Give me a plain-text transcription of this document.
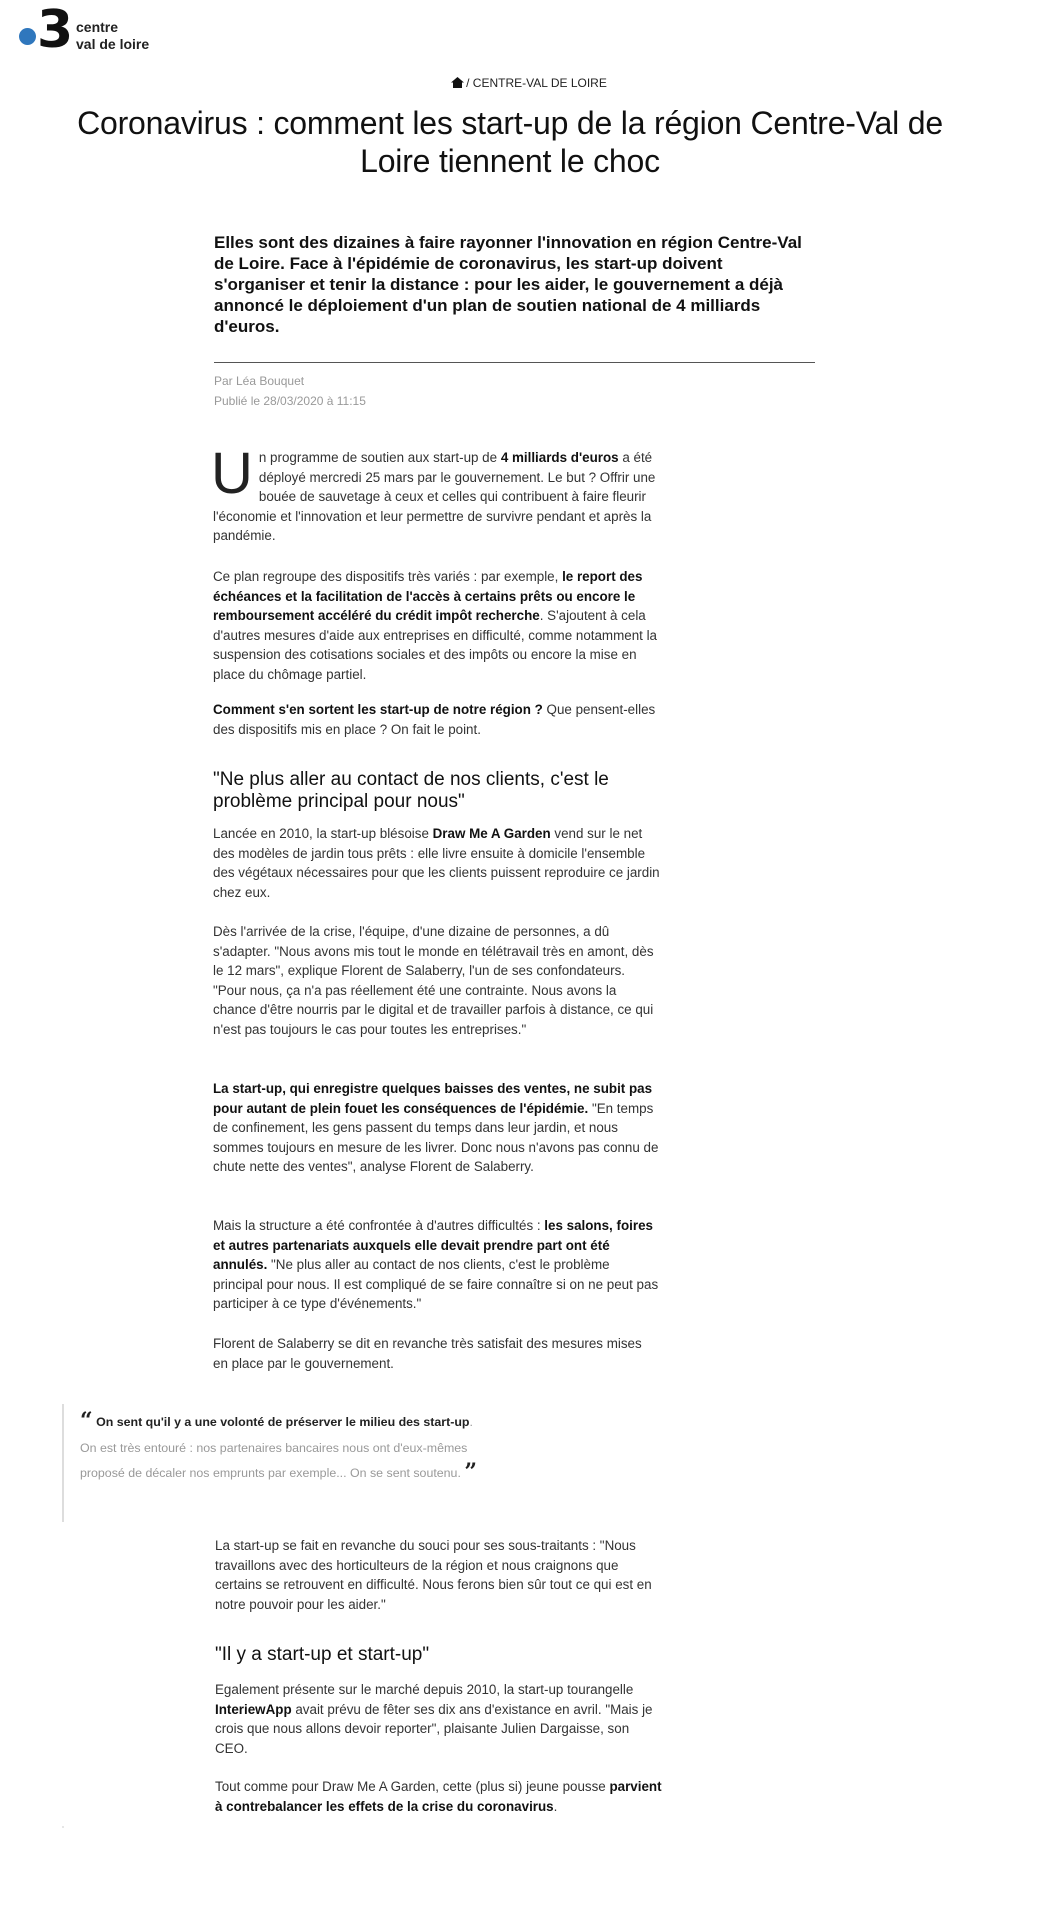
3 centre
val de loire
/ CENTRE-VAL DE LOIRE
Coronavirus : comment les start-up de la région Centre-Val de Loire tiennent le choc

Elles sont des dizaines à faire rayonner l'innovation en région Centre-Val de Loire. Face à l'épidémie de coronavirus, les start-up doivent s'organiser et tenir la distance : pour les aider, le gouvernement a déjà annoncé le déploiement d'un plan de soutien national de 4 milliards d'euros.

Par Léa Bouquet
Publié le 28/03/2020 à 11:15

Un programme de soutien aux start-up de 4 milliards d'euros a été déployé mercredi 25 mars par le gouvernement. Le but ? Offrir une bouée de sauvetage à ceux et celles qui contribuent à faire fleurir l'économie et l'innovation et leur permettre de survivre pendant et après la pandémie.

Ce plan regroupe des dispositifs très variés : par exemple, le report des échéances et la facilitation de l'accès à certains prêts ou encore le remboursement accéléré du crédit impôt recherche. S'ajoutent à cela d'autres mesures d'aide aux entreprises en difficulté, comme notamment la suspension des cotisations sociales et des impôts ou encore la mise en place du chômage partiel.

Comment s'en sortent les start-up de notre région ? Que pensent-elles des dispositifs mis en place ? On fait le point.

"Ne plus aller au contact de nos clients, c'est le problème principal pour nous"

Lancée en 2010, la start-up blésoise Draw Me A Garden vend sur le net des modèles de jardin tous prêts : elle livre ensuite à domicile l'ensemble des végétaux nécessaires pour que les clients puissent reproduire ce jardin chez eux.

Dès l'arrivée de la crise, l'équipe, d'une dizaine de personnes, a dû s'adapter. "Nous avons mis tout le monde en télétravail très en amont, dès le 12 mars", explique Florent de Salaberry, l'un de ses confondateurs. "Pour nous, ça n'a pas réellement été une contrainte. Nous avons la chance d'être nourris par le digital et de travailler parfois à distance, ce qui n'est pas toujours le cas pour toutes les entreprises."

La start-up, qui enregistre quelques baisses des ventes, ne subit pas pour autant de plein fouet les conséquences de l'épidémie. "En temps de confinement, les gens passent du temps dans leur jardin, et nous sommes toujours en mesure de les livrer. Donc nous n'avons pas connu de chute nette des ventes", analyse Florent de Salaberry.

Mais la structure a été confrontée à d'autres difficultés : les salons, foires et autres partenariats auxquels elle devait prendre part ont été annulés. "Ne plus aller au contact de nos clients, c'est le problème principal pour nous. Il est compliqué de se faire connaître si on ne peut pas participer à ce type d'événements."

Florent de Salaberry se dit en revanche très satisfait des mesures mises en place par le gouvernement.

“ On sent qu'il y a une volonté de préserver le milieu des start-up. On est très entouré : nos partenaires bancaires nous ont d'eux-mêmes proposé de décaler nos emprunts par exemple... On se sent soutenu. ”

La start-up se fait en revanche du souci pour ses sous-traitants : "Nous travaillons avec des horticulteurs de la région et nous craignons que certains se retrouvent en difficulté. Nous ferons bien sûr tout ce qui est en notre pouvoir pour les aider."

"Il y a start-up et start-up"

Egalement présente sur le marché depuis 2010, la start-up tourangelle InteriewApp avait prévu de fêter ses dix ans d'existance en avril. "Mais je crois que nous allons devoir reporter", plaisante Julien Dargaisse, son CEO.

Tout comme pour Draw Me A Garden, cette (plus si) jeune pousse parvient à contrebalancer les effets de la crise du coronavirus.
